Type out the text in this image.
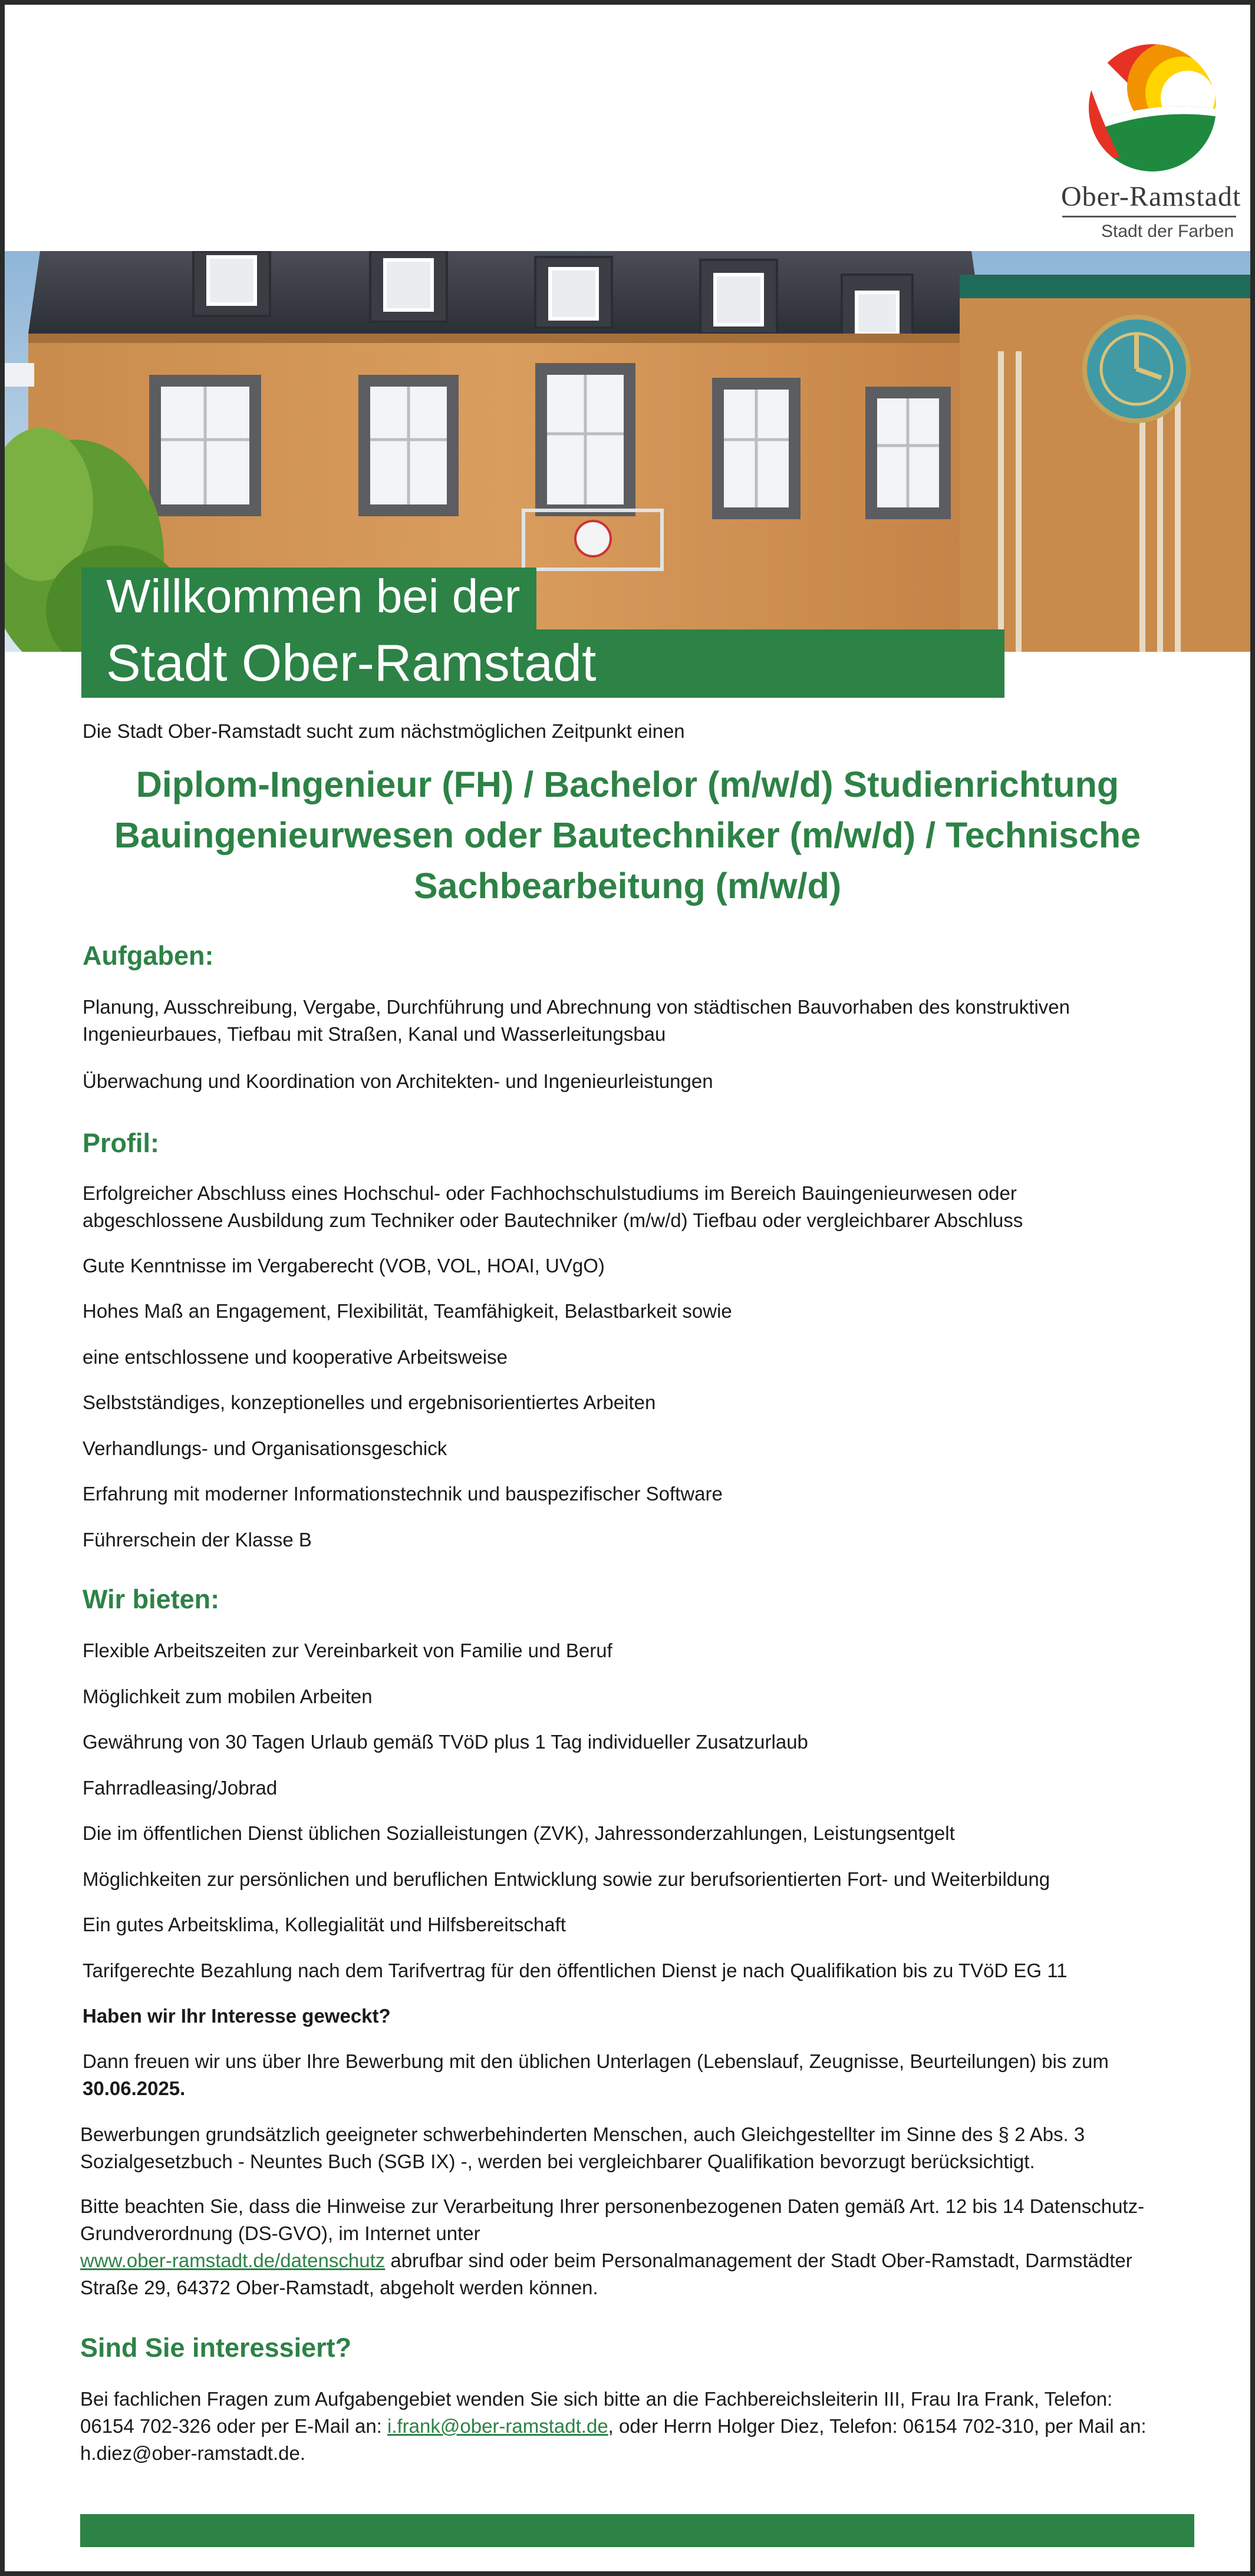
Ober-Ramstadt
Stadt der Farben
Willkommen bei der
Stadt Ober-Ramstadt
Die Stadt Ober-Ramstadt sucht zum nächstmöglichen Zeitpunkt einen
Diplom-Ingenieur (FH) / Bachelor (m/w/d) Studienrichtung
Bauingenieurwesen oder Bautechniker (m/w/d) / Technische
Sachbearbeitung (m/w/d)
Aufgaben:
Planung, Ausschreibung, Vergabe, Durchführung und Abrechnung von städtischen Bauvorhaben des konstruktiven
Ingenieurbaues, Tiefbau mit Straßen, Kanal und Wasserleitungsbau
Überwachung und Koordination von Architekten- und Ingenieurleistungen
Profil:
Erfolgreicher Abschluss eines Hochschul- oder Fachhochschulstudiums im Bereich Bauingenieurwesen oder
abgeschlossene Ausbildung zum Techniker oder Bautechniker (m/w/d) Tiefbau oder vergleichbarer Abschluss
Gute Kenntnisse im Vergaberecht (VOB, VOL, HOAI, UVgO)
Hohes Maß an Engagement, Flexibilität, Teamfähigkeit, Belastbarkeit sowie
eine entschlossene und kooperative Arbeitsweise
Selbstständiges, konzeptionelles und ergebnisorientiertes Arbeiten
Verhandlungs- und Organisationsgeschick
Erfahrung mit moderner Informationstechnik und bauspezifischer Software
Führerschein der Klasse B
Wir bieten:
Flexible Arbeitszeiten zur Vereinbarkeit von Familie und Beruf
Möglichkeit zum mobilen Arbeiten
Gewährung von 30 Tagen Urlaub gemäß TVöD plus 1 Tag individueller Zusatzurlaub
Fahrradleasing/Jobrad
Die im öffentlichen Dienst üblichen Sozialleistungen (ZVK), Jahressonderzahlungen, Leistungsentgelt
Möglichkeiten zur persönlichen und beruflichen Entwicklung sowie zur berufsorientierten Fort- und Weiterbildung
Ein gutes Arbeitsklima, Kollegialität und Hilfsbereitschaft
Tarifgerechte Bezahlung nach dem Tarifvertrag für den öffentlichen Dienst je nach Qualifikation bis zu TVöD EG 11
Haben wir Ihr Interesse geweckt?
Dann freuen wir uns über Ihre Bewerbung mit den üblichen Unterlagen (Lebenslauf, Zeugnisse, Beurteilungen) bis zum
30.06.2025.
Bewerbungen grundsätzlich geeigneter schwerbehinderten Menschen, auch Gleichgestellter im Sinne des § 2 Abs. 3
Sozialgesetzbuch - Neuntes Buch (SGB IX) -, werden bei vergleichbarer Qualifikation bevorzugt berücksichtigt.
Bitte beachten Sie, dass die Hinweise zur Verarbeitung Ihrer personenbezogenen Daten gemäß Art. 12 bis 14 Datenschutz-
Grundverordnung (DS-GVO), im Internet unter
www.ober-ramstadt.de/datenschutz abrufbar sind oder beim Personalmanagement der Stadt Ober-Ramstadt, Darmstädter
Straße 29, 64372 Ober-Ramstadt, abgeholt werden können.
Sind Sie interessiert?
Bei fachlichen Fragen zum Aufgabengebiet wenden Sie sich bitte an die Fachbereichsleiterin III, Frau Ira Frank, Telefon:
06154 702-326 oder per E-Mail an: i.frank@ober-ramstadt.de, oder Herrn Holger Diez, Telefon: 06154 702-310, per Mail an:
h.diez@ober-ramstadt.de.
